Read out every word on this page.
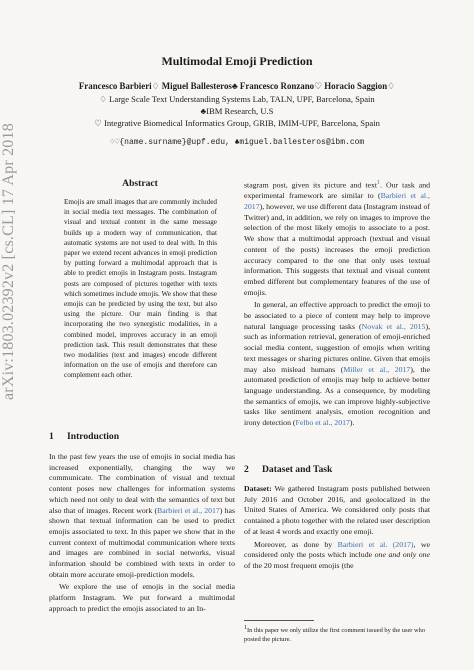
arXiv:1803.02392v2 [cs.CL] 17 Apr 2018
Multimodal Emoji Prediction
Francesco Barbieri♢ Miguel Ballesteros♣ Francesco Ronzano♡ Horacio Saggion♢
♢ Large Scale Text Understanding Systems Lab, TALN, UPF, Barcelona, Spain
♣IBM Research, U.S
♡ Integrative Biomedical Informatics Group, GRIB, IMIM-UPF, Barcelona, Spain
♢♡{name.surname}@upf.edu, ♣miguel.ballesteros@ibm.com
Abstract
Emojis are small images that are commonly included in social media text messages. The combination of visual and textual content in the same message builds up a modern way of communication, that automatic systems are not used to deal with. In this paper we extend recent advances in emoji prediction by putting forward a multimodal approach that is able to predict emojis in Instagram posts. Instagram posts are composed of pictures together with texts which sometimes include emojis. We show that these emojis can be predicted by using the text, but also using the picture. Our main finding is that incorporating the two synergistic modalities, in a combined model, improves accuracy in an emoji prediction task. This result demonstrates that these two modalities (text and images) encode different information on the use of emojis and therefore can complement each other.
1 Introduction

In the past few years the use of emojis in social media has increased exponentially, changing the way we communicate. The combination of visual and textual content poses new challenges for information systems which need not only to deal with the semantics of text but also that of images. Recent work (Barbieri et al., 2017) has shown that textual information can be used to predict emojis associated to text. In this paper we show that in the current context of multimodal communication where texts and images are combined in social networks, visual information should be combined with texts in order to obtain more accurate emoji-prediction models.

We explore the use of emojis in the social media platform Instagram. We put forward a multimodal approach to predict the emojis associated to an In-

stagram post, given its picture and text$^1$. Our task and experimental framework are similar to (Barbieri et al., 2017), however, we use different data (Instagram instead of Twitter) and, in addition, we rely on images to improve the selection of the most likely emojis to associate to a post. We show that a multimodal approach (textual and visual content of the posts) increases the emoji prediction accuracy compared to the one that only uses textual information. This suggests that textual and visual content embed different but complementary features of the use of emojis.

In general, an effective approach to predict the emoji to be associated to a piece of content may help to improve natural language processing tasks (Novak et al., 2015), such as information retrieval, generation of emoji-enriched social media content, suggestion of emojis when writing text messages or sharing pictures online. Given that emojis may also mislead humans (Miller et al., 2017), the automated prediction of emojis may help to achieve better language understanding. As a consequence, by modeling the semantics of emojis, we can improve highly-subjective tasks like sentiment analysis, emotion recognition and irony detection (Felbo et al., 2017).

2 Dataset and Task

Dataset: We gathered Instagram posts published between July 2016 and October 2016, and geolocalized in the United States of America. We considered only posts that contained a photo together with the related user description of at least 4 words and exactly one emoji.

Moreover, as done by Barbieri et al. (2017), we considered only the posts which include one and only one of the 20 most frequent emojis (the

$^1$In this paper we only utilize the first comment issued by the user who posted the picture.
